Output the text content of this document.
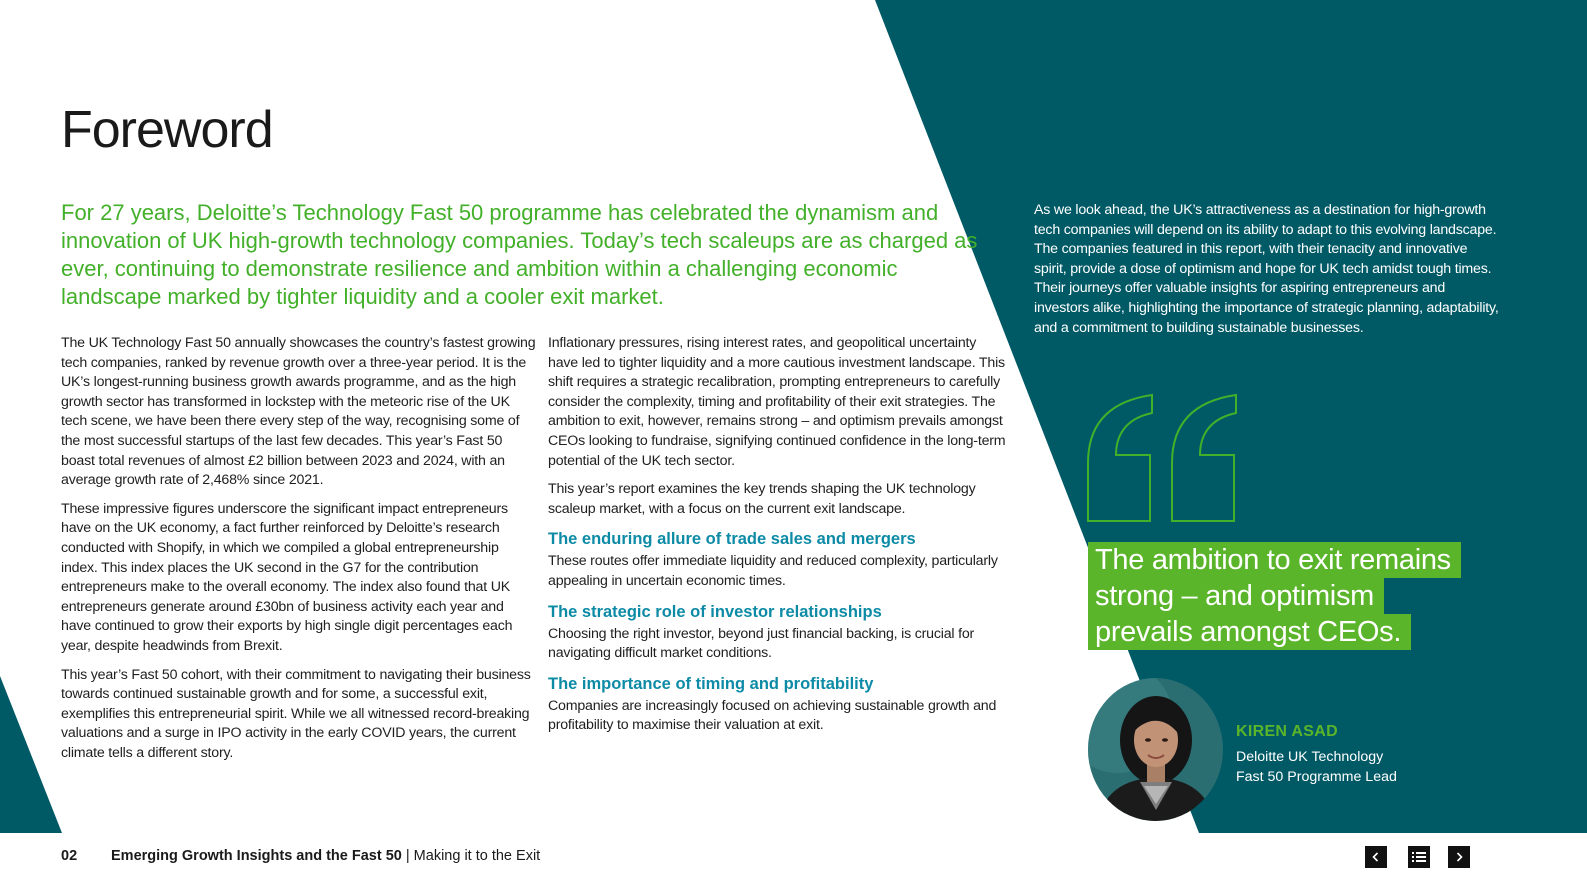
Foreword

For 27 years, Deloitte’s Technology Fast 50 programme has celebrated the dynamism and innovation of UK high-growth technology companies. Today’s tech scaleups are as charged as ever, continuing to demonstrate resilience and ambition within a challenging economic landscape marked by tighter liquidity and a cooler exit market.

The UK Technology Fast 50 annually showcases the country’s fastest growing tech companies, ranked by revenue growth over a three-year period. It is the UK’s longest-running business growth awards programme, and as the high growth sector has transformed in lockstep with the meteoric rise of the UK tech scene, we have been there every step of the way, recognising some of the most successful startups of the last few decades. This year’s Fast 50 boast total revenues of almost £2 billion between 2023 and 2024, with an average growth rate of 2,468% since 2021.

These impressive figures underscore the significant impact entrepreneurs have on the UK economy, a fact further reinforced by Deloitte’s research conducted with Shopify, in which we compiled a global entrepreneurship index. This index places the UK second in the G7 for the contribution entrepreneurs make to the overall economy. The index also found that UK entrepreneurs generate around £30bn of business activity each year and have continued to grow their exports by high single digit percentages each year, despite headwinds from Brexit.

This year’s Fast 50 cohort, with their commitment to navigating their business towards continued sustainable growth and for some, a successful exit, exemplifies this entrepreneurial spirit. While we all witnessed record-breaking valuations and a surge in IPO activity in the early COVID years, the current climate tells a different story.

Inflationary pressures, rising interest rates, and geopolitical uncertainty have led to tighter liquidity and a more cautious investment landscape. This shift requires a strategic recalibration, prompting entrepreneurs to carefully consider the complexity, timing and profitability of their exit strategies. The ambition to exit, however, remains strong – and optimism prevails amongst CEOs looking to fundraise, signifying continued confidence in the long-term potential of the UK tech sector.

This year’s report examines the key trends shaping the UK technology scaleup market, with a focus on the current exit landscape.

The enduring allure of trade sales and mergers

These routes offer immediate liquidity and reduced complexity, particularly appealing in uncertain economic times.

The strategic role of investor relationships

Choosing the right investor, beyond just financial backing, is crucial for navigating difficult market conditions.

The importance of timing and profitability

Companies are increasingly focused on achieving sustainable growth and profitability to maximise their valuation at exit.

As we look ahead, the UK’s attractiveness as a destination for high-growth tech companies will depend on its ability to adapt to this evolving landscape. The companies featured in this report, with their tenacity and innovative spirit, provide a dose of optimism and hope for UK tech amidst tough times. Their journeys offer valuable insights for aspiring entrepreneurs and investors alike, highlighting the importance of strategic planning, adaptability, and a commitment to building sustainable businesses.

The ambition to exit remains
strong – and optimism
prevails amongst CEOs.
KIREN ASAD
Deloitte UK Technology
Fast 50 Programme Lead
02 Emerging Growth Insights and the Fast 50 | Making it to the Exit
